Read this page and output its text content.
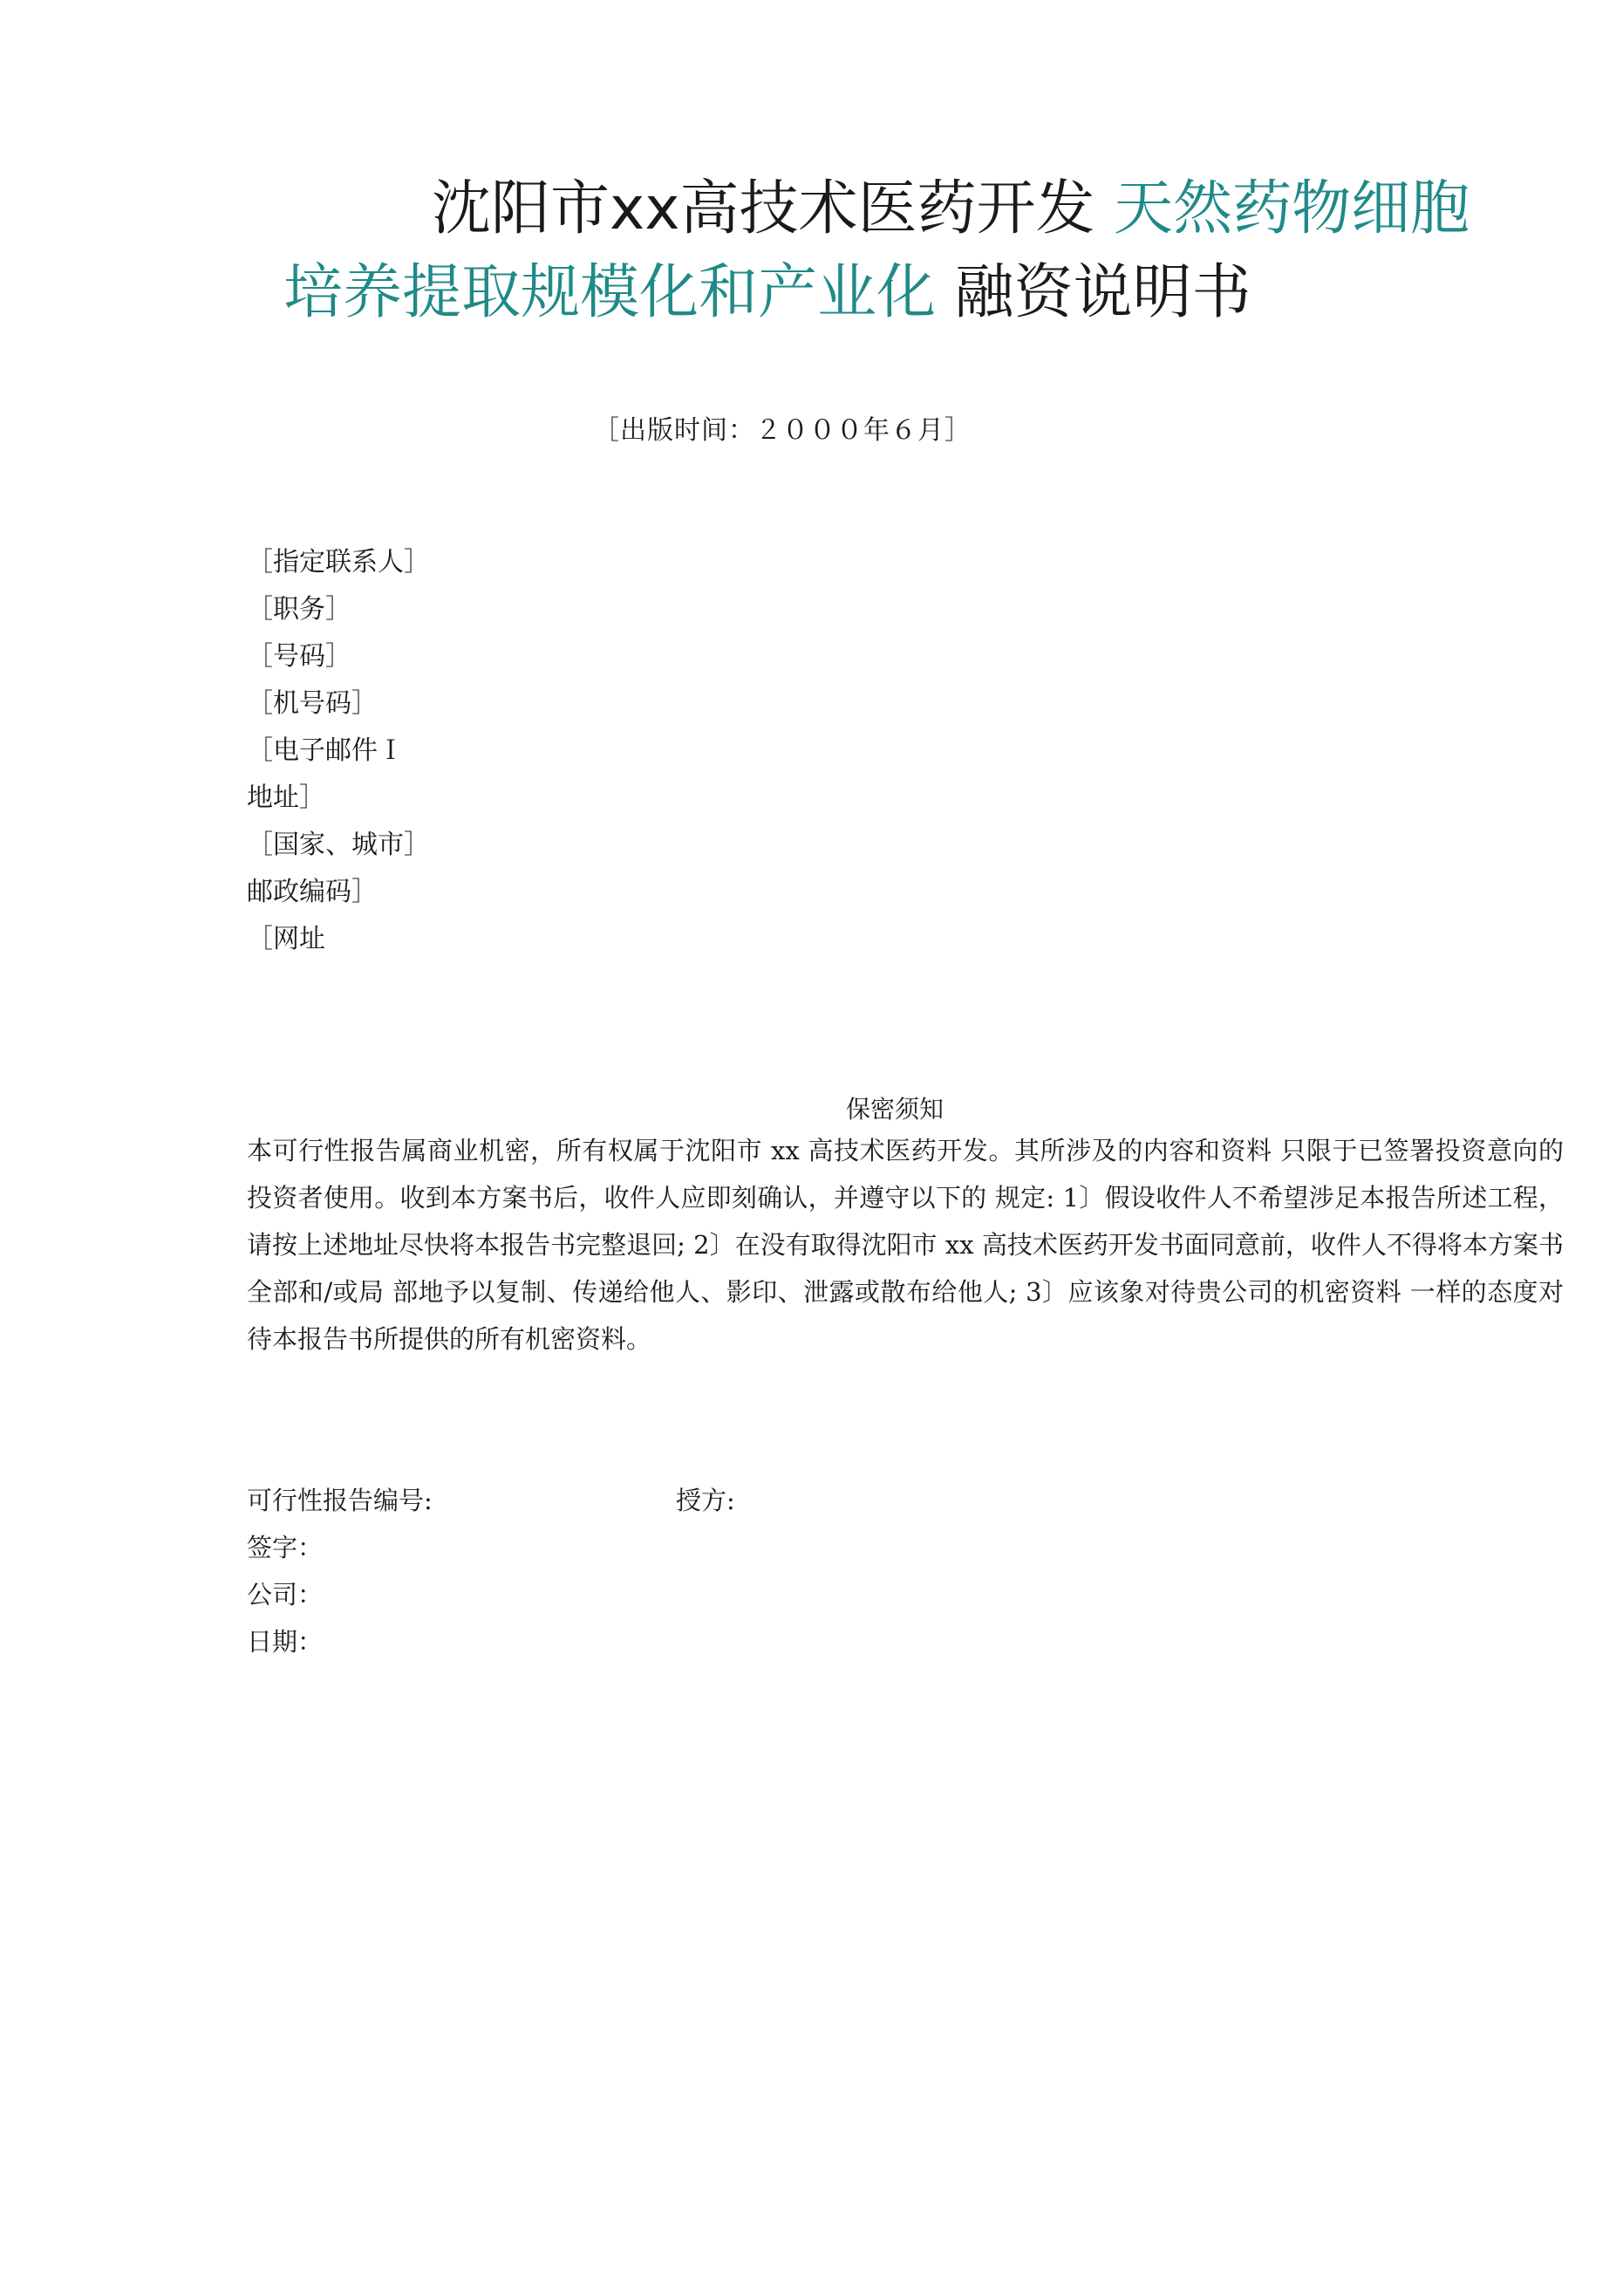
沈阳市xx高技术医药开发 天然药物细胞
培养提取规模化和产业化 融资说明书
［出版时间：２０００年６月］
［指定联系人］
［职务］
［号码］
［机号码］
［电子邮件Ｉ
地址］
［国家、城市］
邮政编码］
［网址
保密须知
本可行性报告属商业机密，所有权属于沈阳市 xx 高技术医药开发。其所涉及的内容和资料 只限于已签署投资意向的投资者使用。收到本方案书后，收件人应即刻确认，并遵守以下的 规定: 1〕假设收件人不希望涉足本报告所述工程，请按上述地址尽快将本报告书完整退回; 2〕在没有取得沈阳市 xx 高技术医药开发书面同意前，收件人不得将本方案书全部和/或局 部地予以复制、传递给他人、影印、泄露或散布给他人; 3〕应该象对待贵公司的机密资料 一样的态度对待本报告书所提供的所有机密资料。
可行性报告编号:	授方:
签字：
公司：
日期：
